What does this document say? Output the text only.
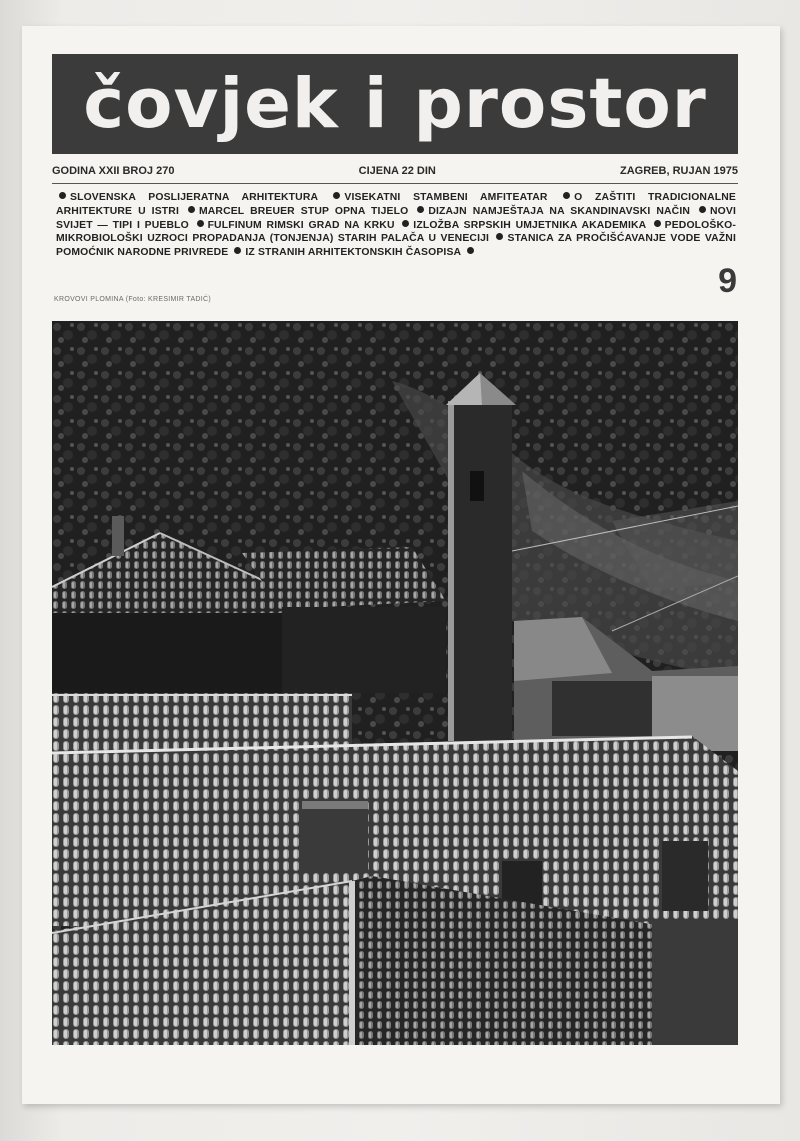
čovjek i prostor
GODINA XXII BROJ 270	CIJENA 22 DIN	ZAGREB, RUJAN 1975
SLOVENSKA POSLIJERATNA ARHITEKTURA	VISEKATNI STAMBENI AMFITEATAR	O ZAŠTITI TRADICIONALNE ARHITEKTURE U ISTRI MARCEL BREUER STUP OPNA TIJELO DIZAJN NAMJEŠTAJA NA SKANDINAVSKI NAČIN NOVI SVIJET — TIPI I PUEBLO FULFINUM RIMSKI GRAD NA KRKU IZLOŽBA SRPSKIH UMJETNIKA AKADEMIKA PEDOLOŠKO-MIKROBIOLOŠKI UZROCI PROPADANJA (TONJENJA) STARIH PALAČA U VENECIJI STANICA ZA PROČIŠĆAVANJE VODE VAŽNI POMOĆNIK NARODNE PRIVREDE IZ STRANIH ARHITEKTONSKIH ČASOPISA
9
KROVOVI PLOMINA (Foto: KRESIMIR TADIĆ)
